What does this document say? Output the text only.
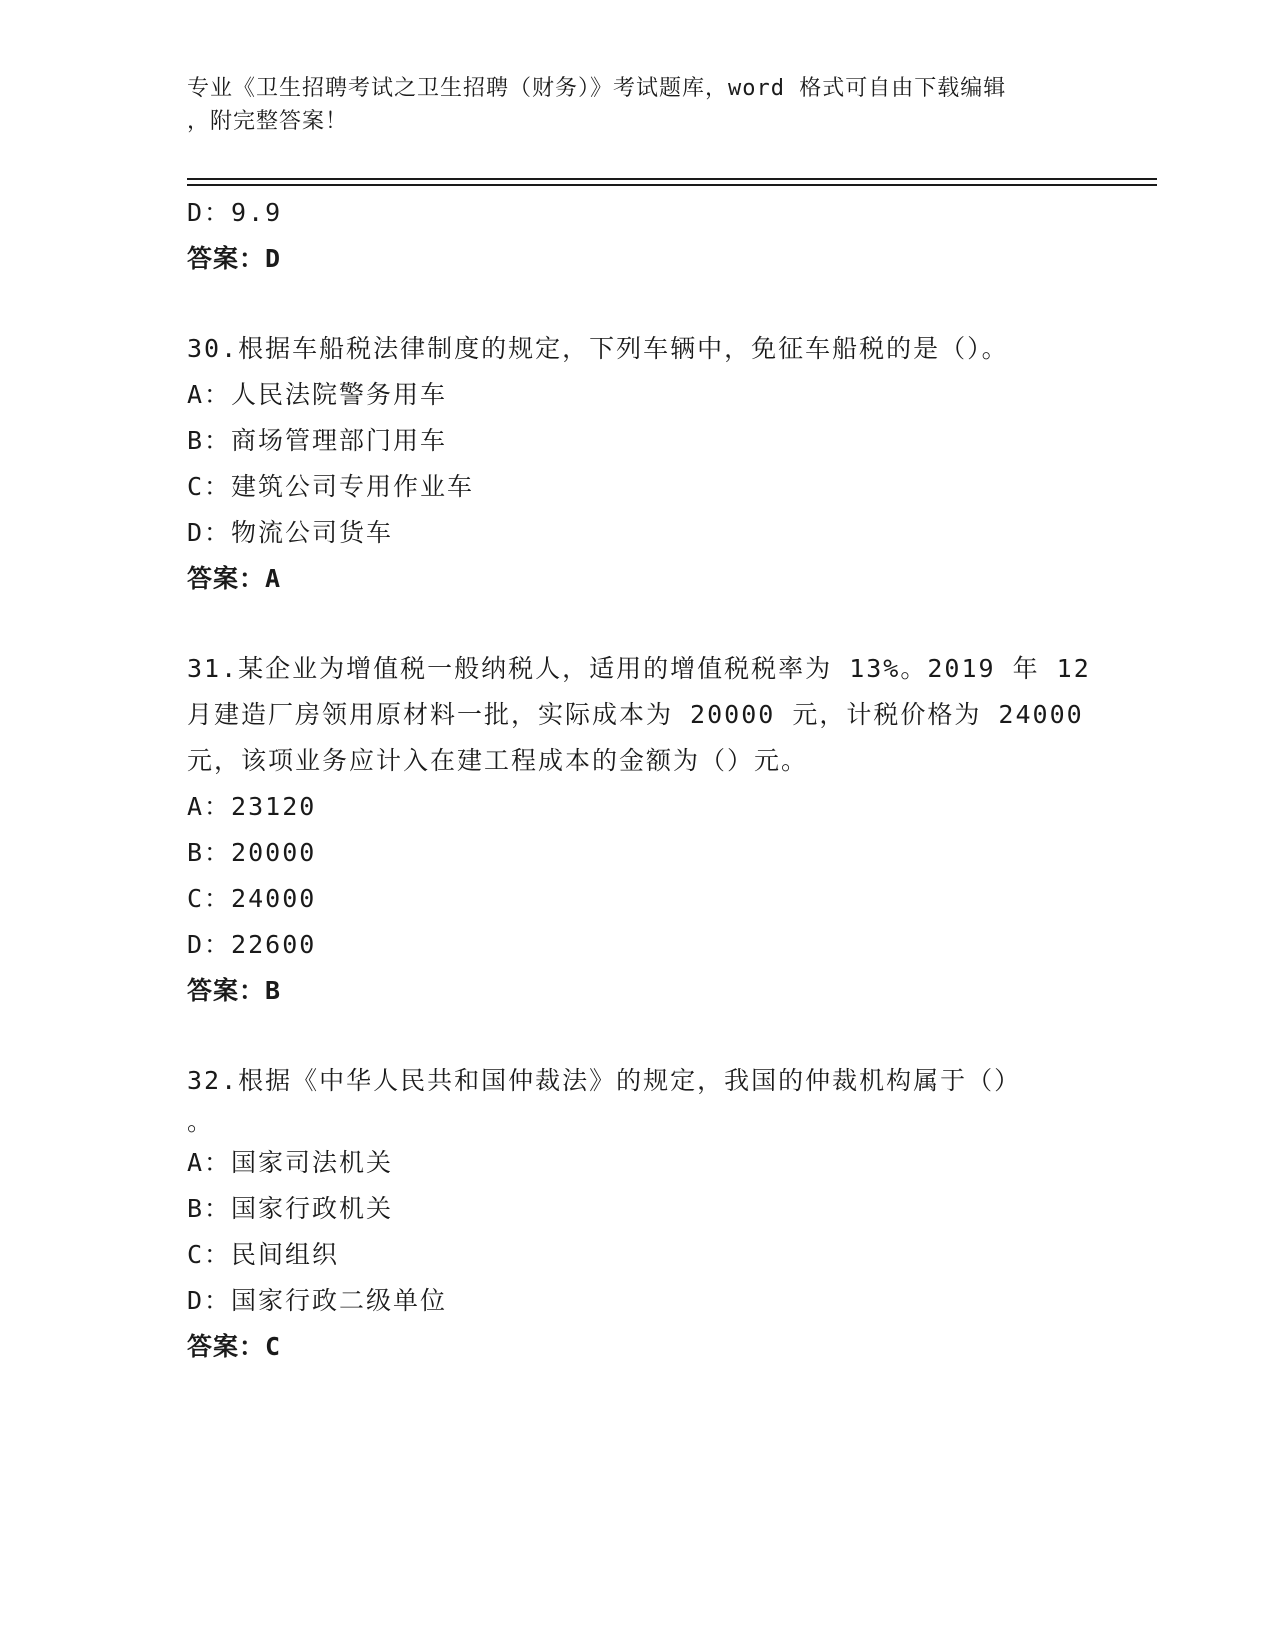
专业《卫生招聘考试之卫生招聘（财务）》考试题库，word 格式可自由下载编辑

，附完整答案！

D：9.9
答案：D
30.根据车船税法律制度的规定，下列车辆中，免征车船税的是（）。
A：人民法院警务用车
B：商场管理部门用车
C：建筑公司专用作业车
D：物流公司货车
答案：A
31.某企业为增值税一般纳税人，适用的增值税税率为 13%。2019 年 12
月建造厂房领用原材料一批，实际成本为 20000 元，计税价格为 24000
元，该项业务应计入在建工程成本的金额为（）元。
A：23120
B：20000
C：24000
D：22600
答案：B
32.根据《中华人民共和国仲裁法》的规定，我国的仲裁机构属于（）
。
A：国家司法机关
B：国家行政机关
C：民间组织
D：国家行政二级单位
答案：C
